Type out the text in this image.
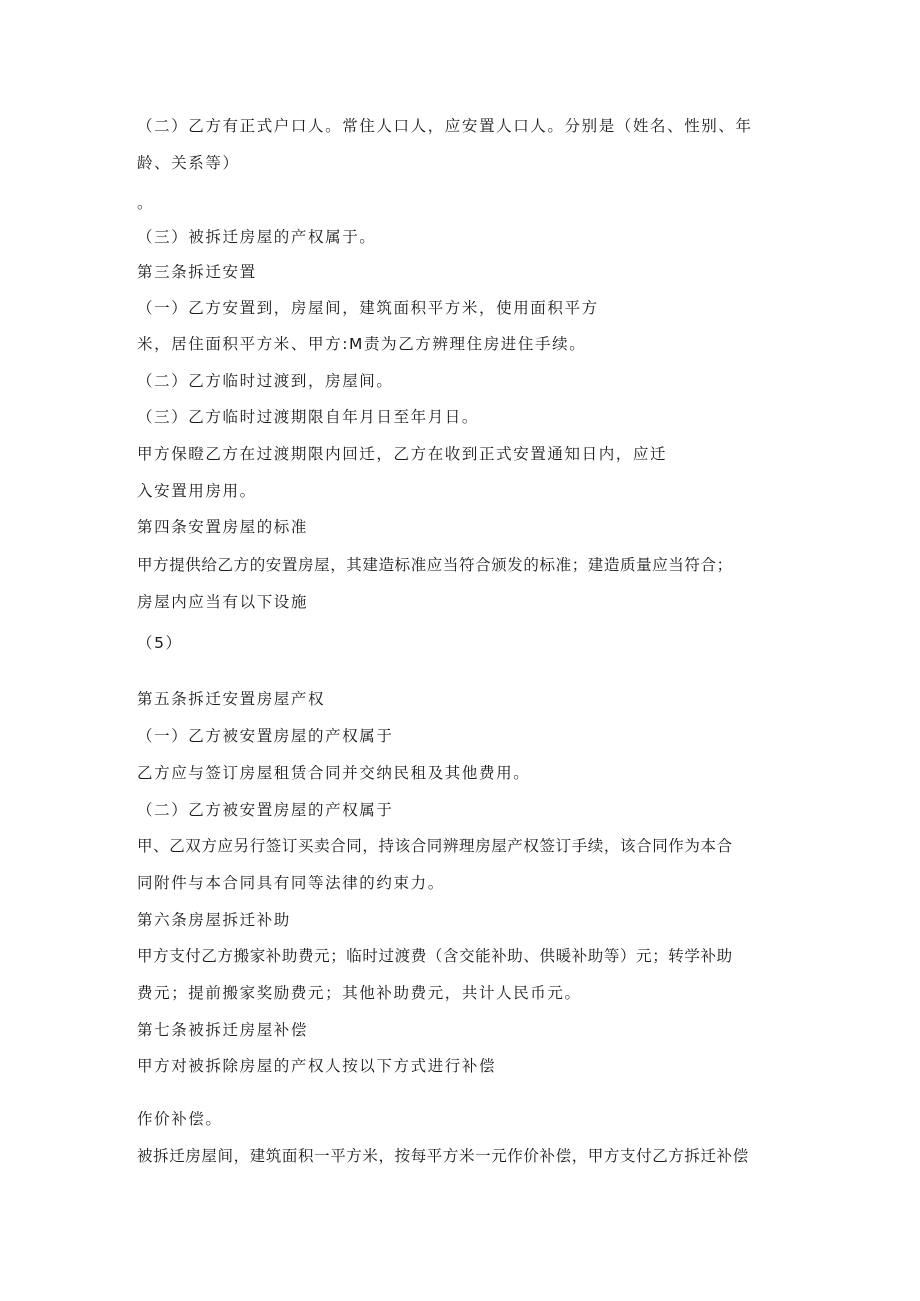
（二）乙方有正式户口人。常住人口人，应安置人口人。分别是（姓名、性别、年
龄、关系等）
。
（三）被拆迁房屋的产权属于。
第三条拆迁安置
（一）乙方安置到，房屋间，建筑面积平方米，使用面积平方
米，居住面积平方米、甲方:M责为乙方辨理住房进住手续。
（二）乙方临时过渡到，房屋间。
（三）乙方临时过渡期限自年月日至年月日。
甲方保瞪乙方在过渡期限内回迁，乙方在收到正式安置通知日内，应迁
入安置用房用。
第四条安置房屋的标准
甲方提供给乙方的安置房屋，其建造标准应当符合颁发的标准；建造质量应当符合；
房屋内应当有以下设施
（5）
第五条拆迁安置房屋产权
（一）乙方被安置房屋的产权属于
乙方应与签订房屋租赁合同并交纳民租及其他费用。
（二）乙方被安置房屋的产权属于
甲、乙双方应另行签订买卖合同，持该合同辨理房屋产权签订手续，该合同作为本合
同附件与本合同具有同等法律的约束力。
第六条房屋拆迁补助
甲方支付乙方搬家补助费元；临时过渡费（含交能补助、供暖补助等）元；转学补助
费元；提前搬家奖励费元；其他补助费元，共计人民币元。
第七条被拆迁房屋补偿
甲方对被拆除房屋的产权人按以下方式进行补偿
作价补偿。
被拆迁房屋间，建筑面积一平方米，按每平方米一元作价补偿，甲方支付乙方拆迁补偿
